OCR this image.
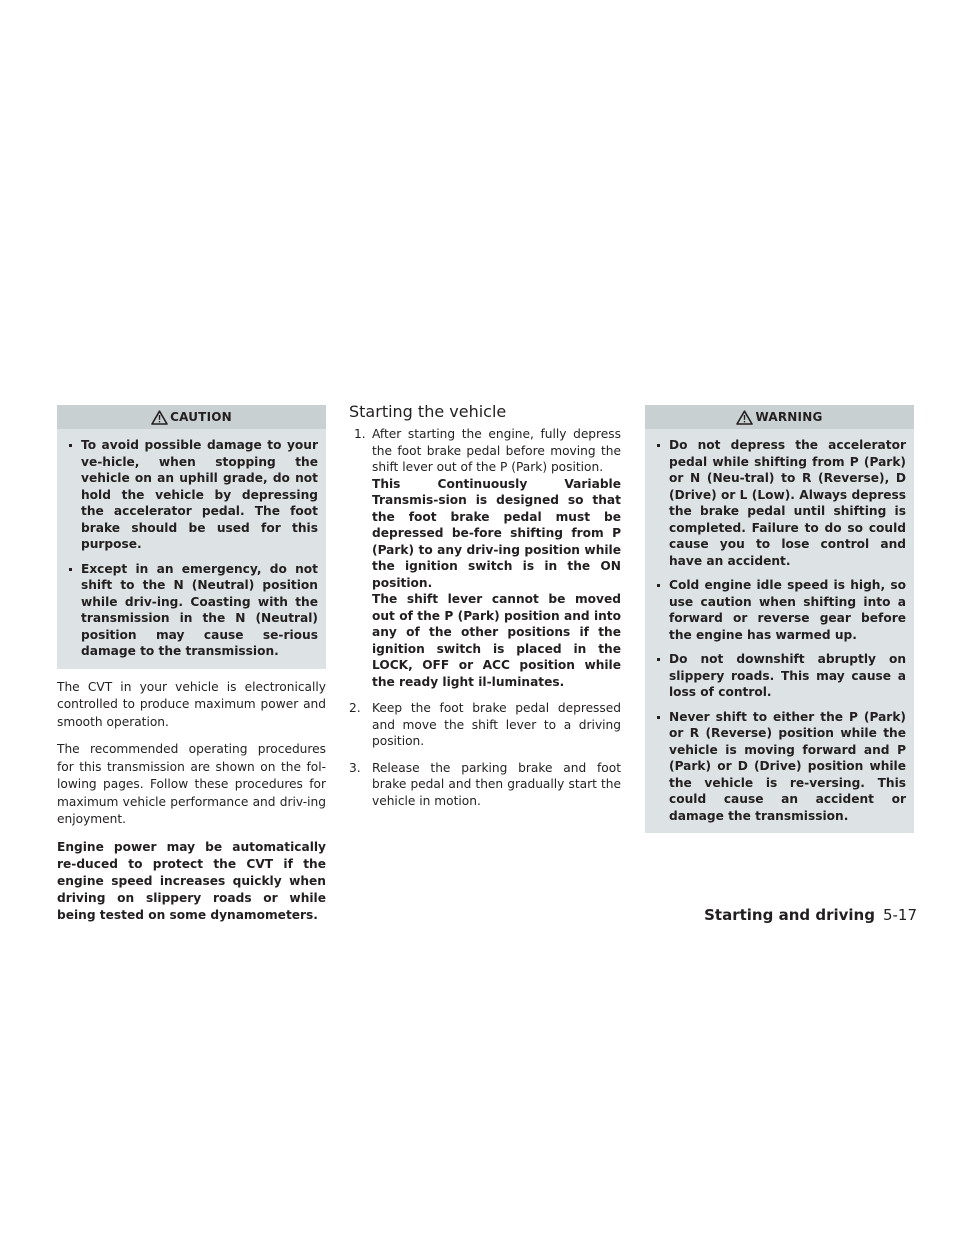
CAUTION
To avoid possible damage to your ve-hicle, when stopping the vehicle on an uphill grade, do not hold the vehicle by depressing the accelerator pedal. The foot brake should be used for this purpose.
Except in an emergency, do not shift to the N (Neutral) position while driv-ing. Coasting with the transmission in the N (Neutral) position may cause se-rious damage to the transmission.

The CVT in your vehicle is electronically controlled to produce maximum power and smooth operation.

The recommended operating procedures for this transmission are shown on the fol-lowing pages. Follow these procedures for maximum vehicle performance and driv-ing enjoyment.

Engine power may be automatically re-duced to protect the CVT if the engine speed increases quickly when driving on slippery roads or while being tested on some dynamometers.

Starting the vehicle
1. After starting the engine, fully depress the foot brake pedal before moving the shift lever out of the P (Park) position.
This Continuously Variable Transmis-sion is designed so that the foot brake pedal must be depressed be-fore shifting from P (Park) to any driv-ing position while the ignition switch is in the ON position.
The shift lever cannot be moved out of the P (Park) position and into any of the other positions if the ignition switch is placed in the LOCK, OFF or ACC position while the ready light il-luminates.
2. Keep the foot brake pedal depressed and move the shift lever to a driving position.
3. Release the parking brake and foot brake pedal and then gradually start the vehicle in motion.
WARNING
Do not depress the accelerator pedal while shifting from P (Park) or N (Neu-tral) to R (Reverse), D (Drive) or L (Low). Always depress the brake pedal until shifting is completed. Failure to do so could cause you to lose control and have an accident.
Cold engine idle speed is high, so use caution when shifting into a forward or reverse gear before the engine has warmed up.
Do not downshift abruptly on slippery roads. This may cause a loss of control.
Never shift to either the P (Park) or R (Reverse) position while the vehicle is moving forward and P (Park) or D (Drive) position while the vehicle is re-versing. This could cause an accident or damage the transmission.
Starting and driving 5-17
